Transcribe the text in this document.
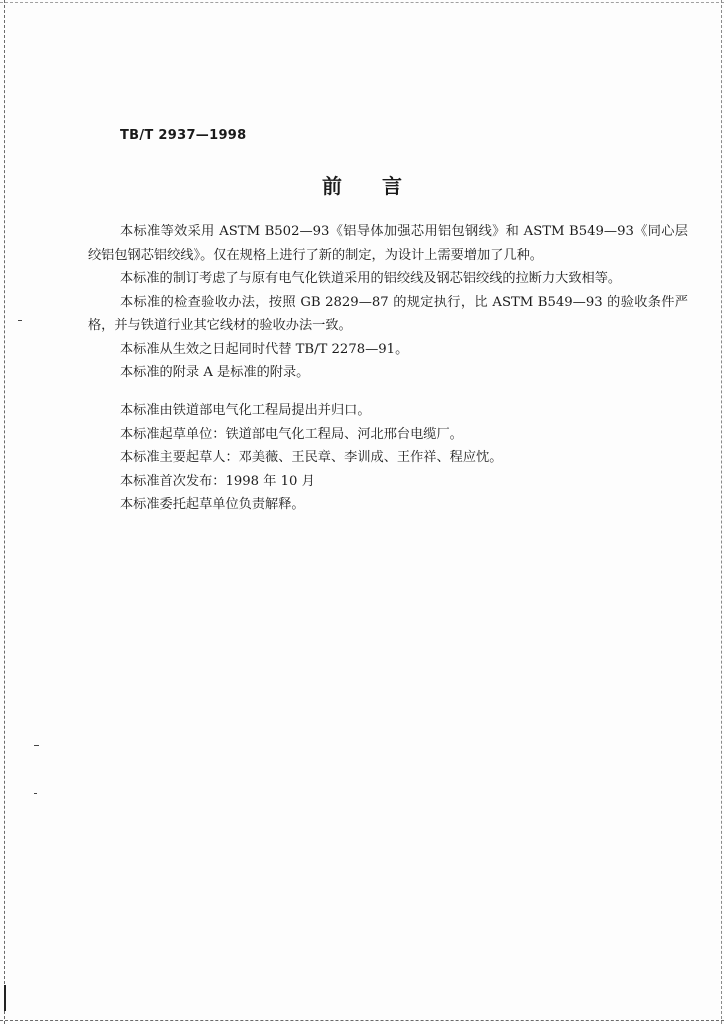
TB/T 2937—1998
前 言

本标准等效采用 ASTM B502—93《铝导体加强芯用铝包钢线》和 ASTM B549—93《同心层绞铝包钢芯铝绞线》。仅在规格上进行了新的制定，为设计上需要增加了几种。

本标准的制订考虑了与原有电气化铁道采用的铝绞线及钢芯铝绞线的拉断力大致相等。

本标准的检查验收办法，按照 GB 2829—87 的规定执行，比 ASTM B549—93 的验收条件严格，并与铁道行业其它线材的验收办法一致。

本标准从生效之日起同时代替 TB/T 2278—91。

本标准的附录 A 是标准的附录。

本标准由铁道部电气化工程局提出并归口。

本标准起草单位：铁道部电气化工程局、河北邢台电缆厂。

本标准主要起草人：邓美薇、王民章、李训成、王作祥、程应忱。

本标准首次发布：1998 年 10 月

本标准委托起草单位负责解释。
